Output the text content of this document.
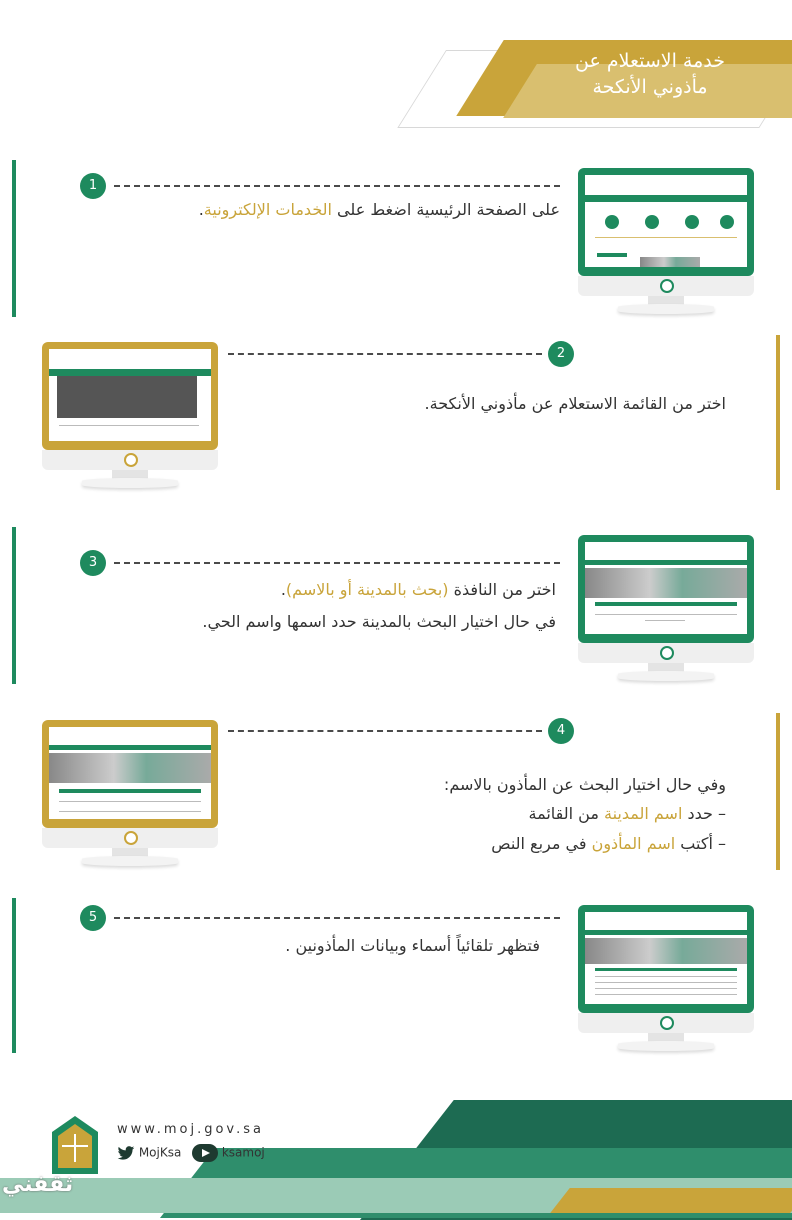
خدمة الاستعلام عن
مأذوني الأنكحة
1
على الصفحة الرئيسية اضغط على الخدمات الإلكترونية.
2
اختر من القائمة الاستعلام عن مأذوني الأنكحة.
3
اختر من النافذة (بحث بالمدينة أو بالاسم).
في حال اختيار البحث بالمدينة حدد اسمها واسم الحي.
4
وفي حال اختيار البحث عن المأذون بالاسم:
– حدد اسم المدينة من القائمة
– أكتب اسم المأذون في مربع النص
5
فتظهر تلقائياً أسماء وبيانات المأذونين .
www.moj.gov.sa
MojKsa	ksamoj
ثقفني
